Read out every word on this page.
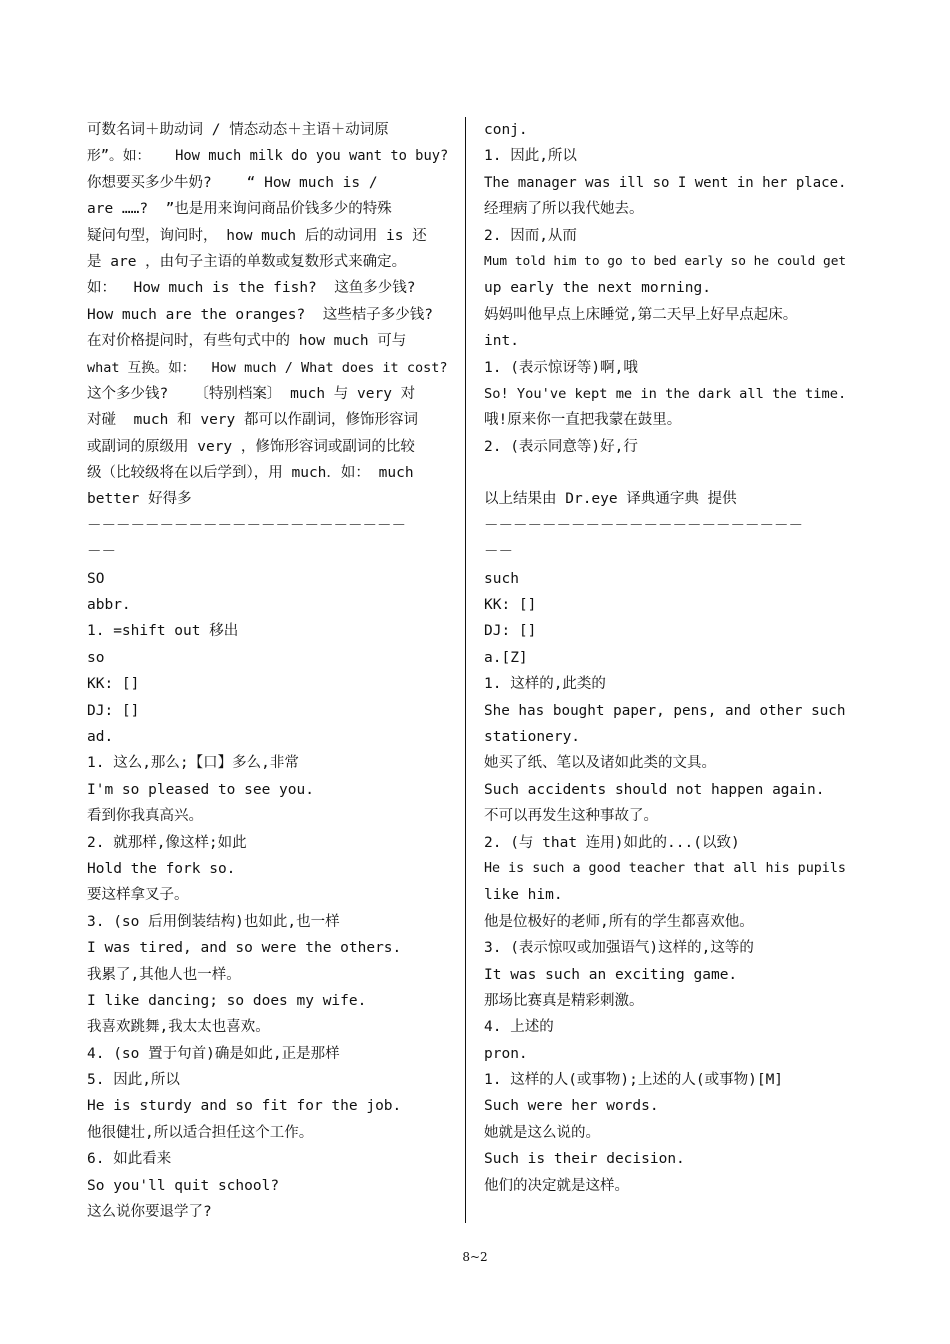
可数名词＋助动词 / 情态动态＋主语＋动词原
形”。如：   How much milk do you want to buy?
你想要买多少牛奶?    “ How much is /
are ……?  ”也是用来询问商品价钱多少的特殊
疑问句型，询问时， how much 后的动词用 is 还
是 are ，由句子主语的单数或复数形式来确定。
如：  How much is the fish?  这鱼多少钱?
How much are the oranges?  这些桔子多少钱?
在对价格提问时，有些句式中的 how much 可与
what 互换。如：  How much / What does it cost?
这个多少钱?   〔特别档案〕 much 与 very 对
对碰  much 和 very 都可以作副词，修饰形容词
或副词的原级用 very ，修饰形容词或副词的比较
级（比较级将在以后学到），用 much．如： much
better 好得多
－－－－－－－－－－－－－－－－－－－－－－
－－
SO
abbr.
1. =shift out 移出
so
KK: []
DJ: []
ad.
1. 这么,那么;【口】多么,非常
I'm so pleased to see you.
看到你我真高兴。
2. 就那样,像这样;如此
Hold the fork so.
要这样拿叉子。
3. (so 后用倒装结构)也如此,也一样
I was tired, and so were the others.
我累了,其他人也一样。
I like dancing; so does my wife.
我喜欢跳舞,我太太也喜欢。
4. (so 置于句首)确是如此,正是那样
5. 因此,所以
He is sturdy and so fit for the job.
他很健壮,所以适合担任这个工作。
6. 如此看来
So you'll quit school?
这么说你要退学了?
conj.
1. 因此,所以
The manager was ill so I went in her place.
经理病了所以我代她去。
2. 因而,从而
Mum told him to go to bed early so he could get
up early the next morning.
妈妈叫他早点上床睡觉,第二天早上好早点起床。
int.
1. (表示惊讶等)啊,哦
So! You've kept me in the dark all the time.
哦!原来你一直把我蒙在鼓里。
2. (表示同意等)好,行
以上结果由 Dr.eye 译典通字典 提供
－－－－－－－－－－－－－－－－－－－－－－
－－
such
KK: []
DJ: []
a.[Z]
1. 这样的,此类的
She has bought paper, pens, and other such
stationery.
她买了纸、笔以及诸如此类的文具。
Such accidents should not happen again.
不可以再发生这种事故了。
2. (与 that 连用)如此的...(以致)
He is such a good teacher that all his pupils
like him.
他是位极好的老师,所有的学生都喜欢他。
3. (表示惊叹或加强语气)这样的,这等的
It was such an exciting game.
那场比赛真是精彩刺激。
4. 上述的
pron.
1. 这样的人(或事物);上述的人(或事物)[M]
Such were her words.
她就是这么说的。
Such is their decision.
他们的决定就是这样。
8~2
